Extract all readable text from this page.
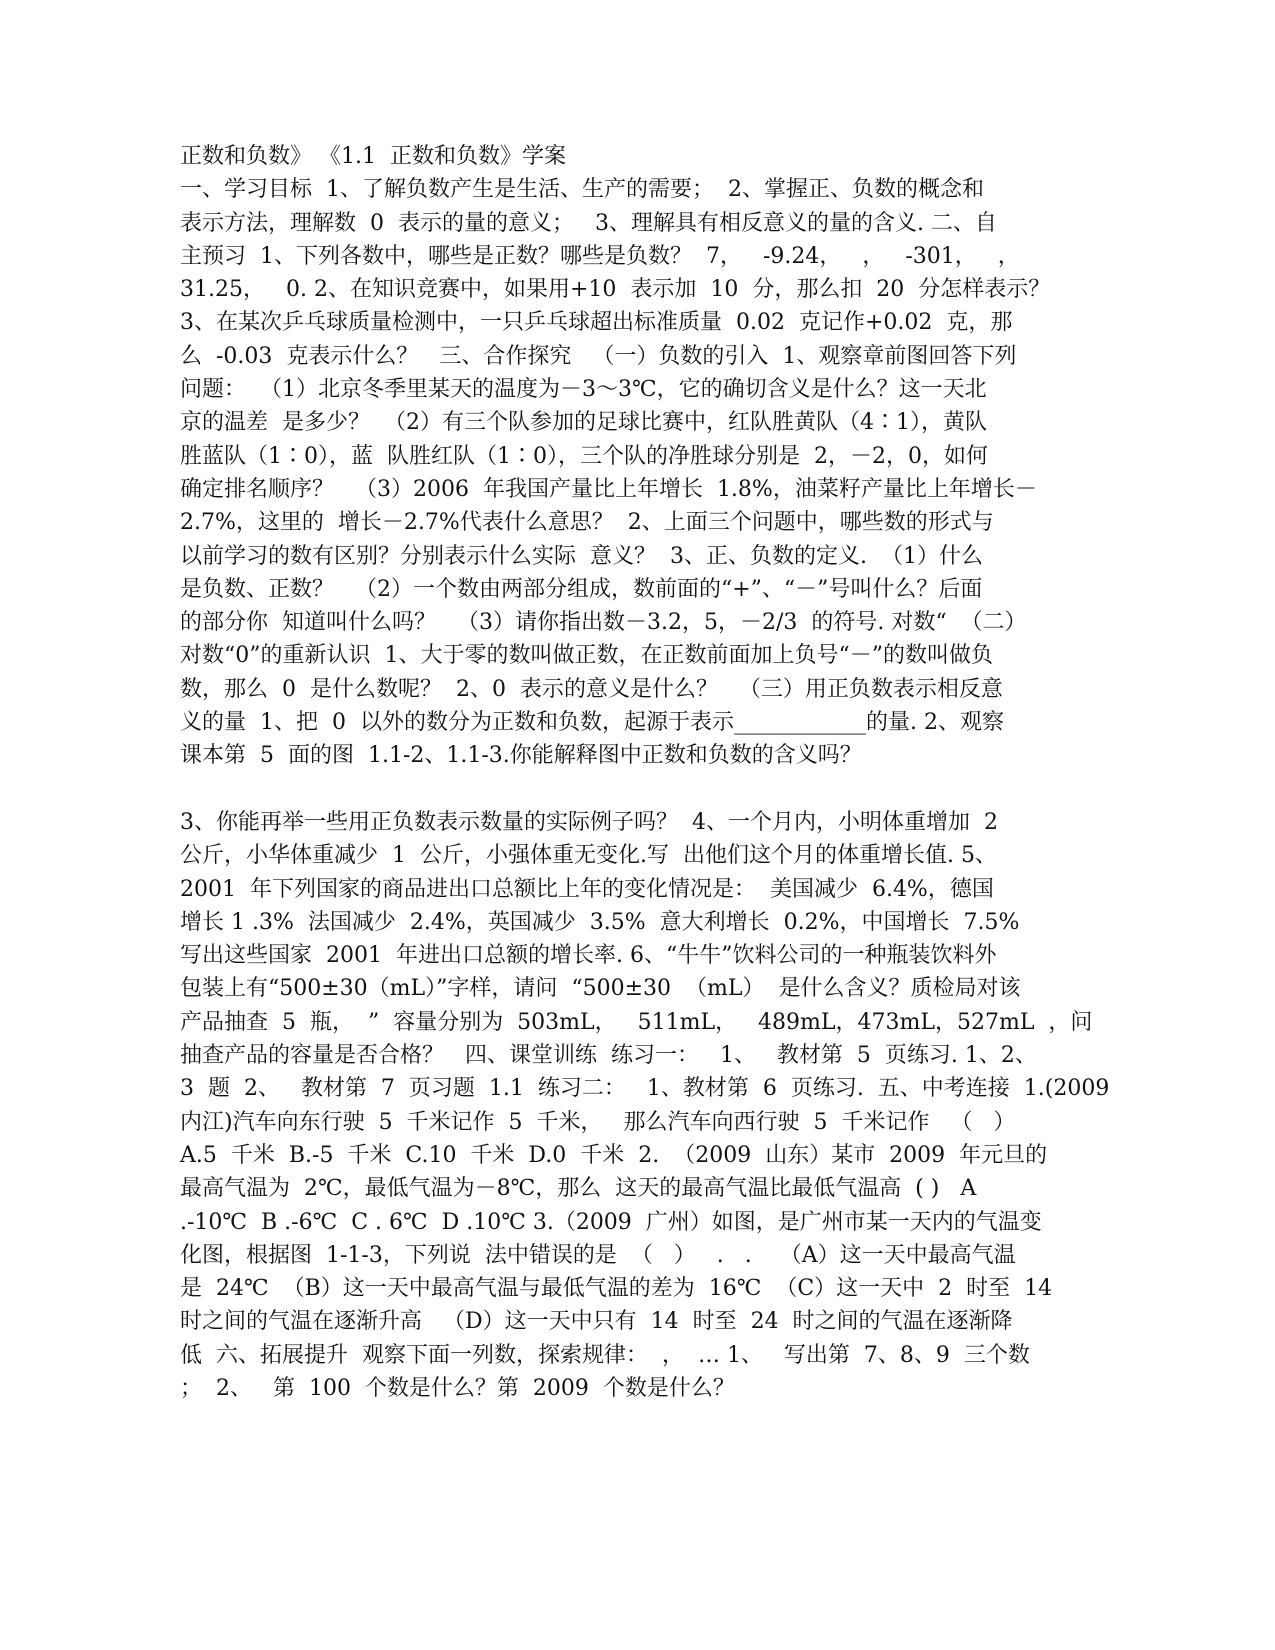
正数和负数》 《1.1  正数和负数》学案
一、学习目标  1、了解负数产生是生活、生产的需要；  2、掌握正、负数的概念和
表示方法，理解数  0  表示的量的意义；   3、理解具有相反意义的量的含义. 二、自
主预习  1、下列各数中，哪些是正数？哪些是负数？  7，   -9.24，   ，   -301，   ，
31.25，   0. 2、在知识竞赛中，如果用+10  表示加  10  分，那么扣  20  分怎样表示？
3、在某次乒乓球质量检测中，一只乒乓球超出标准质量  0.02  克记作+0.02  克，那
么  -0.03  克表示什么？   三、合作探究   （一）负数的引入  1、观察章前图回答下列
问题：  （1）北京冬季里某天的温度为－3～3℃，它的确切含义是什么？这一天北
京的温差  是多少？  （2）有三个队参加的足球比赛中，红队胜黄队（4∶1），黄队
胜蓝队（1∶0），蓝  队胜红队（1∶0），三个队的净胜球分别是  2，－2，0，如何
确定排名顺序？   （3）2006  年我国产量比上年增长  1.8%，油菜籽产量比上年增长－
2.7%，这里的  增长－2.7%代表什么意思？  2、上面三个问题中，哪些数的形式与
以前学习的数有区别？分别表示什么实际  意义？  3、正、负数的定义.  （1）什么
是负数、正数？   （2）一个数由两部分组成，数前面的“+”、“－”号叫什么？后面
的部分你  知道叫什么吗？   （3）请你指出数－3.2，5，－2/3  的符号. 对数“  （二）
对数“0”的重新认识  1、大于零的数叫做正数，在正数前面加上负号“－”的数叫做负
数，那么  0  是什么数呢？  2、0  表示的意义是什么？   （三）用正负数表示相反意
义的量  1、把  0  以外的数分为正数和负数，起源于表示____________的量. 2、观察
课本第  5  面的图  1.1-2、1.1-3.你能解释图中正数和负数的含义吗？
3、你能再举一些用正负数表示数量的实际例子吗？  4、一个月内，小明体重增加  2
公斤，小华体重减少  1  公斤，小强体重无变化.写  出他们这个月的体重增长值. 5、
2001  年下列国家的商品进出口总额比上年的变化情况是：  美国减少  6.4%，德国
增长 1 .3%  法国减少  2.4%，英国减少  3.5%  意大利增长  0.2%，中国增长  7.5%
写出这些国家  2001  年进出口总额的增长率. 6、“牛牛”饮料公司的一种瓶装饮料外
包装上有“500±30（mL）”字样，请问  “500±30  （mL）  是什么含义？质检局对该
产品抽查  5  瓶，  ”  容量分别为  503mL，   511mL，   489mL，473mL，527mL  ，问
抽查产品的容量是否合格？   四、课堂训练  练习一：   1、   教材第  5  页练习. 1、2、
3  题  2、   教材第  7  页习题  1.1  练习二：   1、教材第  6  页练习.  五、中考连接  1.(2009
内江)汽车向东行驶  5  千米记作  5  千米，   那么汽车向西行驶  5  千米记作   （   ）
A.5  千米  B.-5  千米  C.10  千米  D.0  千米  2.  （2009  山东）某市  2009  年元旦的
最高气温为  2℃，最低气温为－8℃，那么  这天的最高气温比最低气温高  ( )   A
.-10℃  B .-6℃  C . 6℃  D .10℃ 3.（2009  广州）如图，是广州市某一天内的气温变
化图，根据图  1-1-3，下列说  法中错误的是  （   ）   .   .    （A）这一天中最高气温
是  24℃  （B）这一天中最高气温与最低气温的差为  16℃  （C）这一天中  2  时至  14
时之间的气温在逐渐升高   （D）这一天中只有  14  时至  24  时之间的气温在逐渐降
低  六、拓展提升  观察下面一列数，探索规律：  ，  … 1、   写出第  7、8、9  三个数
；  2、   第  100  个数是什么？第  2009  个数是什么？
